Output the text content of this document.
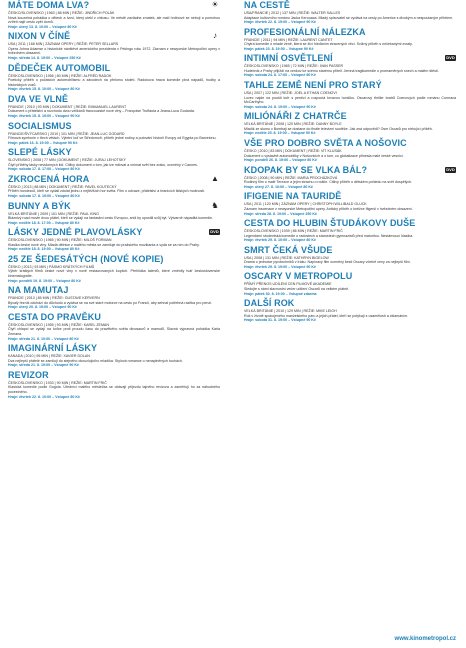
MÁTE DOMA LVA?	☀

ČESKO/SLOVENSKO | 1963 | 88 MIN | REŽIE: JINDŘICH POLÁK

Nová kouzelná pohádka o dětech a lvovi, který utekl z cirkusu. Ve městě zavládne zmatek, ale malí hrdinové se nebojí a pomohou zvířeti najít cestu zpět domů.

Hraje: úterý 13. 8. 10:00 – Vstupné 80 Kč

NIXON V ČÍNĚ	♪

USA | 2011 | 168 MIN | ZÁZNAM OPERY | REŽIE: PETER SELLARS

Opera Johna Adamse o historické návštěvě amerického prezidenta v Pekingu roku 1972. Záznam z newyorské Metropolitní opery v hvězdném obsazení.

Hraje: středa 14. 8. 19:00 – Vstupné 250 Kč

DĚDEČEK AUTOMOBIL

ČESKOSLOVENSKO | 1956 | 80 MIN | REŽIE: ALFRÉD RADOK

Poetický příběh o počátcích automobilismu a závodech na přelomu století. Radokova hravá komedie plná nápadů, hudby a historických vozů.

Hraje: čtvrtek 15. 8. 10:00 – Vstupné 80 Kč

DVA VE VLNĚ

FRANCIE | 2010 | 93 MIN | DOKUMENT | REŽIE: EMMANUEL LAURENT

Dokument o přátelství a rozchodu dvou velikánů francouzské nové vlny – Françoise Truffauta a Jeana-Luca Godarda.

Hraje: čtvrtek 15. 8. 19:00 – Vstupné 90 Kč

SOCIALISMUS

FRANCIE/ŠVÝCARSKO | 2010 | 101 MIN | REŽIE: JEAN-LUC GODARD

Filmová symfonie v třech větách. Výletní loď ve Středomoří, příběh jedné rodiny a putování historií Evropy od Egypta po Barcelonu.

Hraje: pátek 16. 8. 19:00 – Vstupné 90 Kč

SLEPÉ LÁSKY

SLOVENSKO | 2008 | 77 MIN | DOKUMENT | REŽIE: JURAJ LEHOTSKÝ

Čtyři příběhy lásky nevidomých lidí. Citlivý dokument o tom, jak lze milovat a vnímat svět bez zraku, oceněný v Cannes.

Hraje: sobota 17. 8. 17:00 – Vstupné 80 Kč

ZKROCENÁ HORA	▲

ČESKO | 2013 | 88 MIN | DOKUMENT | REŽIE: PAVEL KOUTECKÝ

Příběh horolezců, kteří se vydali zdolat jednu z nejtěžších hor světa. Film o odvaze, přátelství a hranicích lidských možností.

Hraje: sobota 17. 8. 19:00 – Vstupné 80 Kč

BUNNY A BÝK	♞

VELKÁ BRITÁNIE | 2009 | 101 MIN | REŽIE: PAUL KING

Bláznivý road movie dvou přátel, kteří se vydají na fantaskní cestu Evropou, aniž by opustili svůj byt. Výtvarně nápaditá komedie.

Hraje: neděle 18. 8. 17:00 – Vstupné 80 Kč

LÁSKY JEDNÉ PLAVOVLÁSKY	DVD

ČESKOSLOVENSKO | 1965 | 90 MIN | REŽIE: MILOŠ FORMAN

Klasika české nové vlny. Mladá dělnice z malého města se zamiluje do pražského muzikanta a vydá se za ním do Prahy.

Hraje: neděle 18. 8. 19:00 – Vstupné 80 Kč

25 ZE ŠEDESÁTÝCH (NOVÉ KOPIE)

ČESKO | 2013 | 93 MIN | PÁSMO KRÁTKÝCH FILMŮ

Výběr krátkých filmů české nové vlny v nově restaurovaných kopiích. Přehlídka talentů, které změnily tvář československé kinematografie.

Hraje: pondělí 19. 8. 19:00 – Vstupné 80 Kč

NA MAMUTAJ

FRANCIE | 2013 | 85 MIN | REŽIE: GUSTAVE KERVERN

Bývalý řezník odchází do důchodu a vydává se na své staré motorce na cestu po Francii, aby sehnal potřebná razítka pro penzi.

Hraje: úterý 20. 8. 19:00 – Vstupné 90 Kč

CESTA DO PRAVĚKU

ČESKOSLOVENSKO | 1955 | 93 MIN | REŽIE: KAREL ZEMAN

Čtyři chlapci se vydají na loďce proti proudu času do pravěkého světa dinosaurů a mamutů. Slavná výpravná pohádka Karla Zemana.

Hraje: středa 21. 8. 10:00 – Vstupné 80 Kč

IMAGINÁRNÍ LÁSKY

KANADA | 2010 | 95 MIN | REŽIE: XAVIER DOLAN

Dva nejlepší přátelé se zamilují do stejného okouzlujícího mladíka. Stylová romance o nenaplněných touhách.

Hraje: středa 21. 8. 19:00 – Vstupné 90 Kč

REVIZOR

ČESKOSLOVENSKO | 1933 | 90 MIN | REŽIE: MARTIN FRIČ

Klasická komedie podle Gogola. Úředníci malého městečka se obávají příjezdu tajného revizora a zaměňují ho za náhodného pocestného.

Hraje: čtvrtek 22. 8. 10:00 – Vstupné 80 Kč

NA CESTĚ

USA/FRANCIE | 2012 | 137 MIN | REŽIE: WALTER SALLES

Adaptace kultovního románu Jacka Kerouaca. Mladý spisovatel se vydává na cesty po Americe s divokým a nespoutaným přítelem.

Hraje: čtvrtek 22. 8. 19:00 – Vstupné 90 Kč

PROFESIONÁLNÍ NÁLEZKA

FRANCIE | 2011 | 94 MIN | REŽIE: LAURENT CANTET

Chytrá komedie o mladé ženě, která se živí hledáním ztracených věcí. Svižný příběh s nečekanými zvraty.

Hraje: pátek 23. 8. 19:00 – Vstupné 90 Kč

INTIMNÍ OSVĚTLENÍ	DVD

ČESKOSLOVENSKO | 1965 | 72 MIN | REŽIE: IVAN PASSER

Hudebník z Prahy přijíždí na venkov ke svému starému příteli. Jemná tragikomedie o promarněných snech a malém štěstí.

Hraje: sobota 24. 8. 17:00 – Vstupné 80 Kč

TAHLE ZEMĚ NENÍ PRO STARÝ

USA | 2007 | 122 MIN | REŽIE: JOEL A ETHAN COENOVI

Lovec najde na poušti kufr s penězi a rozpoutá krvavou honičku. Oscarový thriller bratrů Coenových podle románu Cormaca McCarthyho.

Hraje: sobota 24. 8. 19:00 – Vstupné 90 Kč

MILIÓNÁŘI Z CHATRČE

VELKÁ BRITÁNIE | 2008 | 120 MIN | REŽIE: DANNY BOYLE

Mladík ze slumu v Bombaji se dostane do finále televizní soutěže. Jak zná odpovědi? Osm Oscarů pro strhující příběh.

Hraje: neděle 25. 8. 19:00 – Vstupné 90 Kč

VŠE PRO DOBRO SVĚTA A NOŠOVIC

ČESKO | 2010 | 83 MIN | DOKUMENT | REŽIE: VÍT KLUSÁK

Dokument o výstavbě automobilky v Nošovicích a o tom, co globalizace přinesla malé české vesnici.

Hraje: pondělí 26. 8. 19:00 – Vstupné 80 Kč

KDOPAK BY SE VLKA BÁL?	DVD

ČESKO | 2008 | 90 MIN | REŽIE: MARIA PROCHÁZKOVÁ

Rodinný film o malé Terezce a jejím strachu o rodiče. Citlivý příběh o dětském pohledu na svět dospělých.

Hraje: úterý 27. 8. 10:00 – Vstupné 80 Kč

IFIGENIE NA TAURIDĚ

USA | 2011 | 120 MIN | ZÁZNAM OPERY | CHRISTOPH WILLIBALD GLUCK

Záznam inscenace z newyorské Metropolitní opery. Antický příběh o kněžce Ifigenii v hvězdném obsazení.

Hraje: středa 28. 8. 19:00 – Vstupné 250 Kč

CESTA DO HLUBIN ŠTUDÁKOVY DUŠE

ČESKOSLOVENSKO | 1939 | 86 MIN | REŽIE: MARTIN FRIČ

Legendární studentská komedie o radostech a starostech gymnazistů před maturitou. Nestárnoucí klasika.

Hraje: čtvrtek 29. 8. 10:00 – Vstupné 80 Kč

SMRT ČEKÁ VŠUDE

USA | 2008 | 131 MIN | REŽIE: KATHRYN BIGELOW

Drama o jednotce pyrotechniků v Iráku. Napínavý film oceněný šesti Oscary včetně ceny za nejlepší film.

Hraje: čtvrtek 29. 8. 19:00 – Vstupné 90 Kč

OSCARY V METROPOLU

PŘÍMÝ PŘENOS UDÍLENÍ CEN FILMOVÉ AKADEMIE

Sledujte s námi slavnostní večer udílení Oscarů na velkém plátně.

Hraje: pátek 30. 8. 19:00 – Vstupné zdarma

DALŠÍ ROK

VELKÁ BRITÁNIE | 2010 | 129 MIN | REŽIE: MIKE LEIGH

Rok v životě spokojeného manželského páru a jejich přátel, kteří se potýkají s osamělostí a zklamáním.

Hraje: sobota 31. 8. 19:00 – Vstupné 90 Kč

www.kinometropol.cz
